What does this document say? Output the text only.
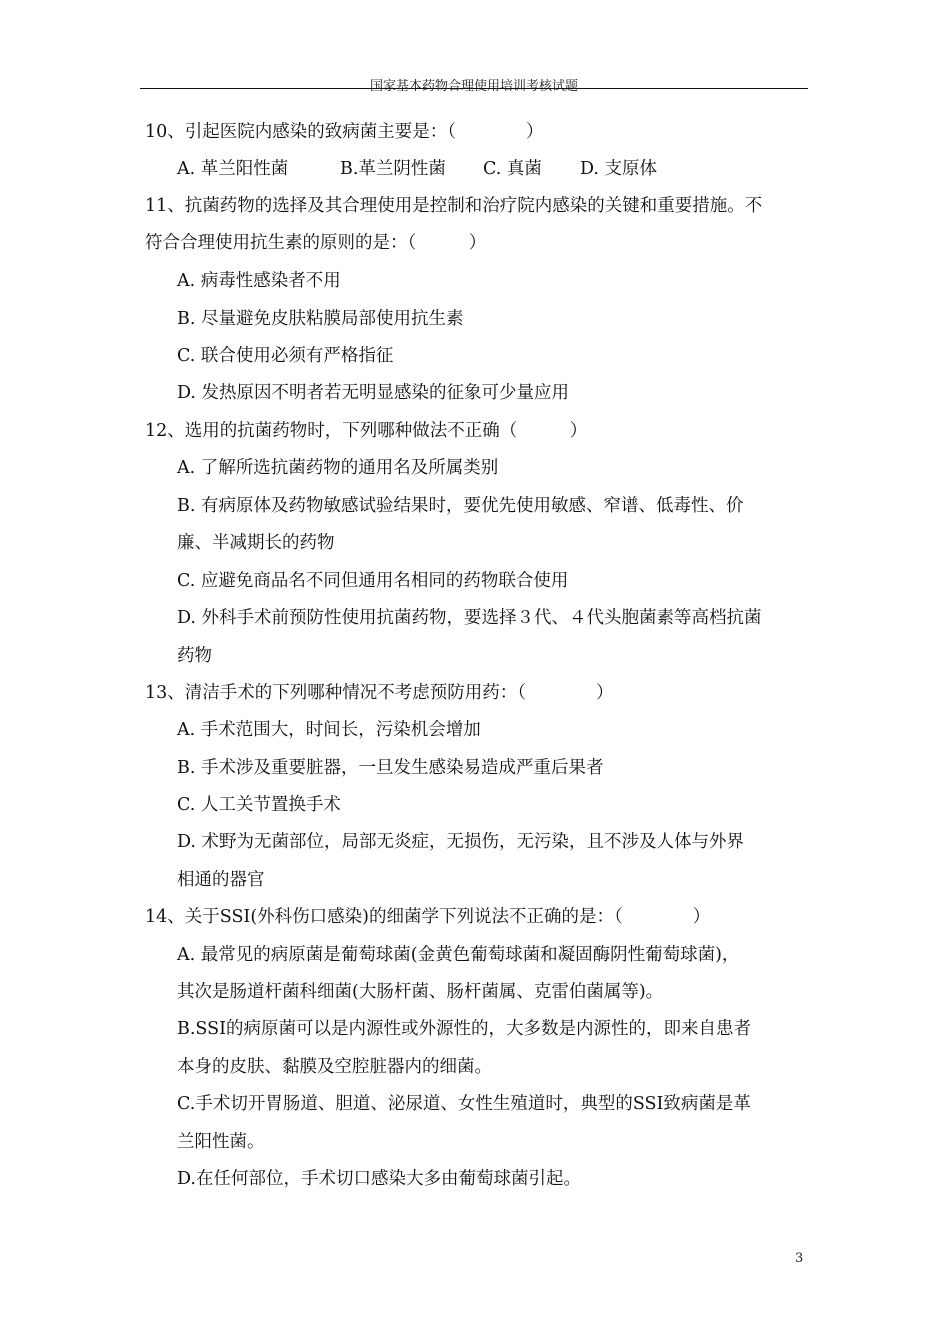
国家基本药物合理使用培训考核试题
10、引起医院内感染的致病菌主要是：（　　　　）
A. 革兰阳性菌	B.革兰阴性菌 C. 真菌 D. 支原体
11、抗菌药物的选择及其合理使用是控制和治疗院内感染的关键和重要措施。不
符合合理使用抗生素的原则的是：（　　　）
A. 病毒性感染者不用
B. 尽量避免皮肤粘膜局部使用抗生素
C. 联合使用必须有严格指征
D. 发热原因不明者若无明显感染的征象可少量应用
12、选用的抗菌药物时，下列哪种做法不正确（　　　）
A. 了解所选抗菌药物的通用名及所属类别
B. 有病原体及药物敏感试验结果时，要优先使用敏感、窄谱、低毒性、价
廉、半减期长的药物
C. 应避免商品名不同但通用名相同的药物联合使用
D. 外科手术前预防性使用抗菌药物，要选择３代、４代头胞菌素等高档抗菌
药物
13、清洁手术的下列哪种情况不考虑预防用药：（　　　　）
A. 手术范围大，时间长，污染机会增加
B. 手术涉及重要脏器，一旦发生感染易造成严重后果者
C. 人工关节置换手术
D. 术野为无菌部位，局部无炎症，无损伤，无污染，且不涉及人体与外界
相通的器官
14、关于SSI(外科伤口感染)的细菌学下列说法不正确的是：（　　　　）
A. 最常见的病原菌是葡萄球菌(金黄色葡萄球菌和凝固酶阴性葡萄球菌)，
其次是肠道杆菌科细菌(大肠杆菌、肠杆菌属、克雷伯菌属等)。
B.SSI的病原菌可以是内源性或外源性的，大多数是内源性的，即来自患者
本身的皮肤、黏膜及空腔脏器内的细菌。
C.手术切开胃肠道、胆道、泌尿道、女性生殖道时，典型的SSI致病菌是革
兰阳性菌。
D.在任何部位，手术切口感染大多由葡萄球菌引起。
3
